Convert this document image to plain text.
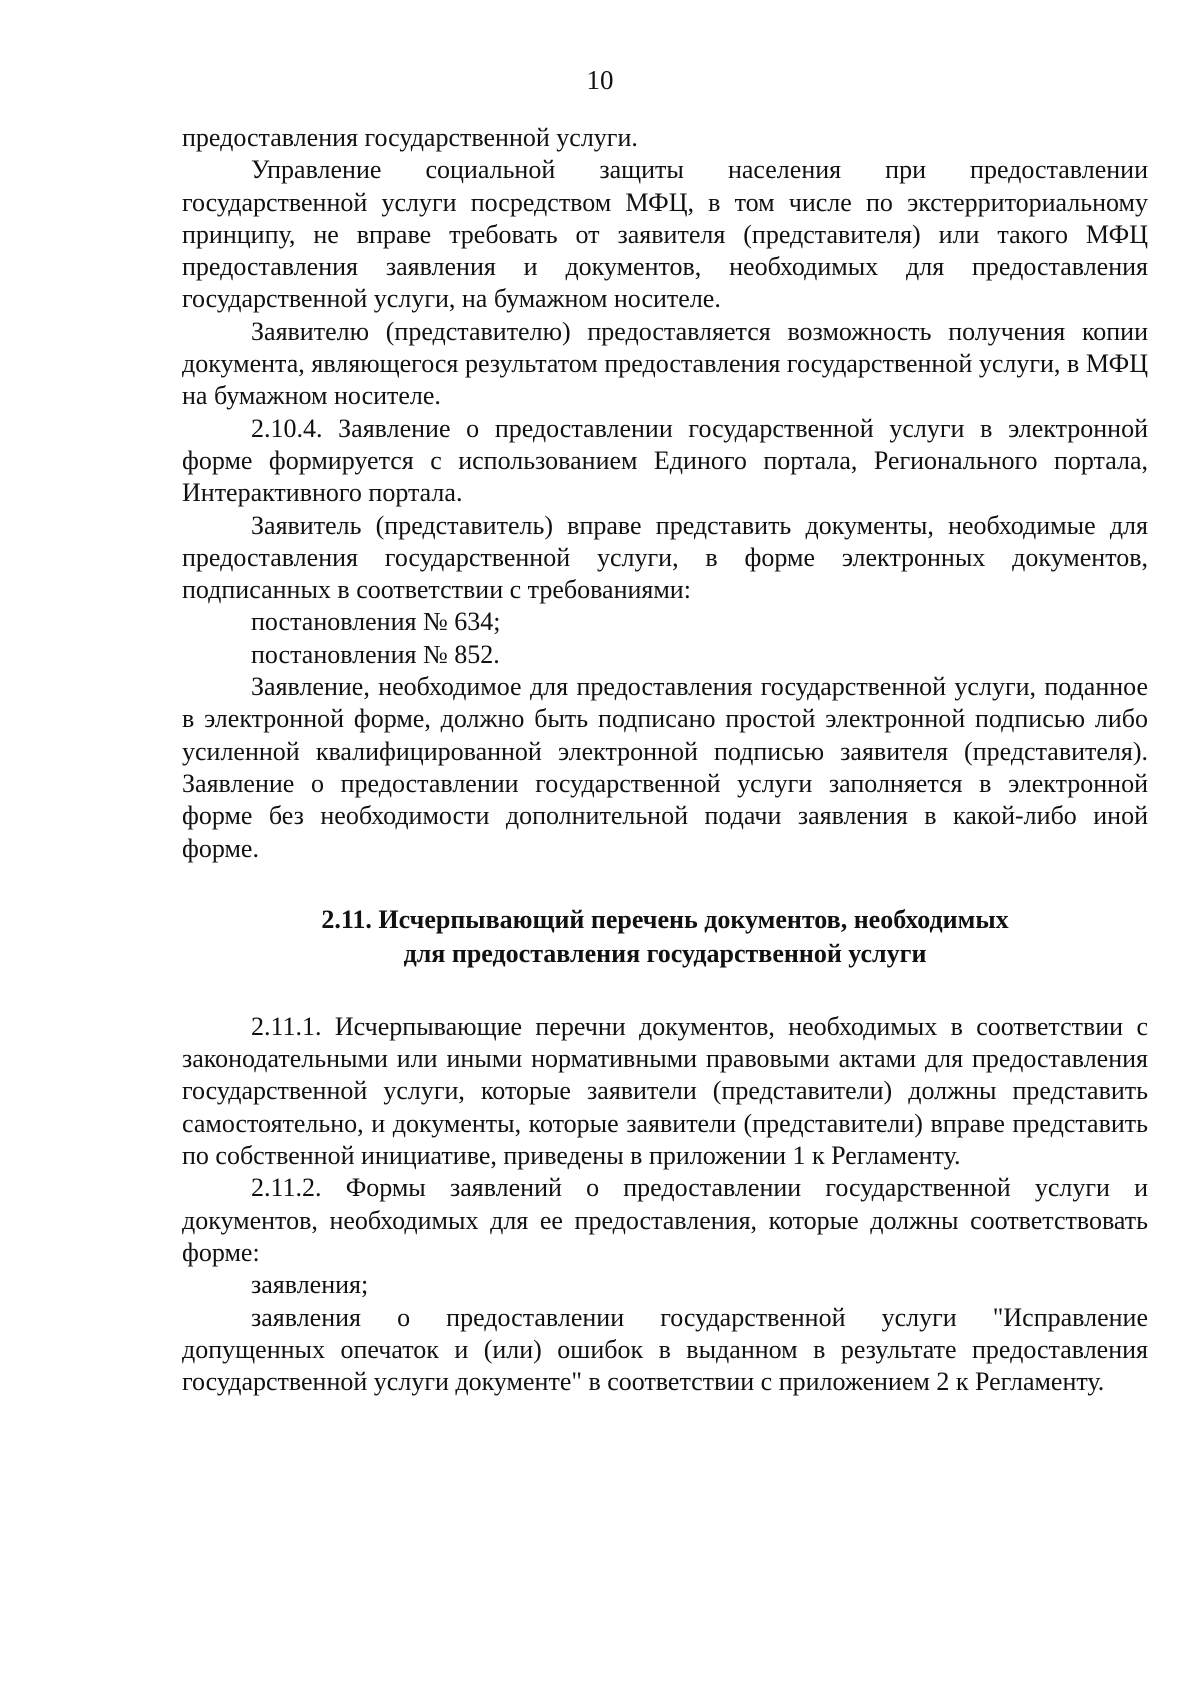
10

предоставления государственной услуги.

Управление социальной защиты населения при предоставлении государственной услуги посредством МФЦ, в том числе по экстерриториальному принципу, не вправе требовать от заявителя (представителя) или такого МФЦ предоставления заявления и документов, необходимых для предоставления государственной услуги, на бумажном носителе.

Заявителю (представителю) предоставляется возможность получения копии документа, являющегося результатом предоставления государственной услуги, в МФЦ на бумажном носителе.

2.10.4. Заявление о предоставлении государственной услуги в электронной форме формируется с использованием Единого портала, Регионального портала, Интерактивного портала.

Заявитель (представитель) вправе представить документы, необходимые для предоставления государственной услуги, в форме электронных документов, подписанных в соответствии с требованиями:

постановления № 634;

постановления № 852.

Заявление, необходимое для предоставления государственной услуги, поданное в электронной форме, должно быть подписано простой электронной подписью либо усиленной квалифицированной электронной подписью заявителя (представителя). Заявление о предоставлении государственной услуги заполняется в электронной форме без необходимости дополнительной подачи заявления в какой-либо иной форме.

2.11. Исчерпывающий перечень документов, необходимых
для предоставления государственной услуги

2.11.1. Исчерпывающие перечни документов, необходимых в соответствии с законодательными или иными нормативными правовыми актами для предоставления государственной услуги, которые заявители (представители) должны представить самостоятельно, и документы, которые заявители (представители) вправе представить по собственной инициативе, приведены в приложении 1 к Регламенту.

2.11.2. Формы заявлений о предоставлении государственной услуги и документов, необходимых для ее предоставления, которые должны соответствовать форме:

заявления;

заявления о предоставлении государственной услуги "Исправление допущенных опечаток и (или) ошибок в выданном в результате предоставления государственной услуги документе" в соответствии с приложением 2 к Регламенту.
